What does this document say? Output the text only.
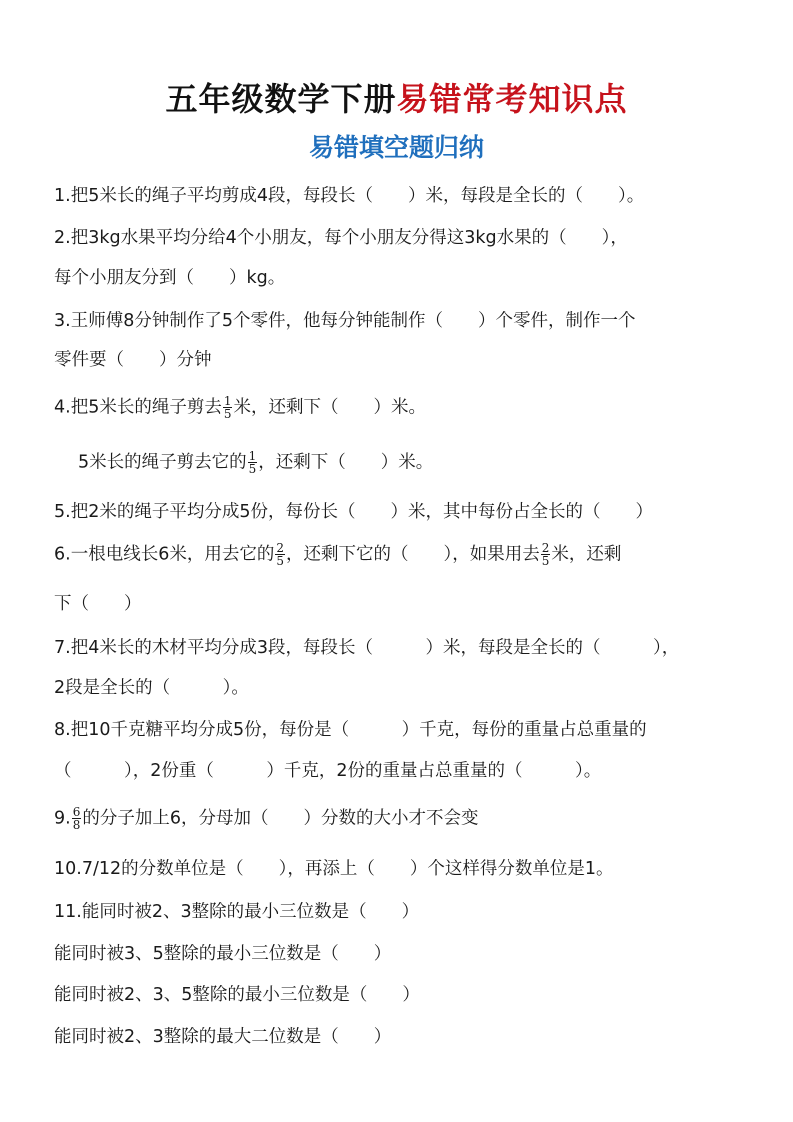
五年级数学下册易错常考知识点
易错填空题归纳
1.把5米长的绳子平均剪成4段，每段长（　　）米，每段是全长的（　　）。
2.把3kg水果平均分给4个小朋友，每个小朋友分得这3kg水果的（　　），
每个小朋友分到（　　）kg。
3.王师傅8分钟制作了5个零件，他每分钟能制作（　　）个零件，制作一个
零件要（　　）分钟
4.把5米长的绳子剪去 $\frac{1}{5}$ 米，还剩下（　　）米。
5米长的绳子剪去它的 $\frac{1}{5}$ ，还剩下（　　）米。
5.把2米的绳子平均分成5份，每份长（　　）米，其中每份占全长的（　　）
6.一根电线长6米，用去它的 $\frac{2}{5}$ ，还剩下它的（　　），如果用去 $\frac{2}{5}$ 米，还剩
下（　　）
7.把4米长的木材平均分成3段，每段长（　　　）米，每段是全长的（　　　），
2段是全长的（　　　）。
8.把10千克糖平均分成5份，每份是（　　　）千克，每份的重量占总重量的
（　　　），2份重（　　　）千克，2份的重量占总重量的（　　　）。
9. $\frac{6}{8}$ 的分子加上6，分母加（　　）分数的大小才不会变
10.7/12的分数单位是（　　），再添上（　　）个这样得分数单位是1。
11.能同时被2、3整除的最小三位数是（　　）
能同时被3、5整除的最小三位数是（　　）
能同时被2、3、5整除的最小三位数是（　　）
能同时被2、3整除的最大二位数是（　　）
